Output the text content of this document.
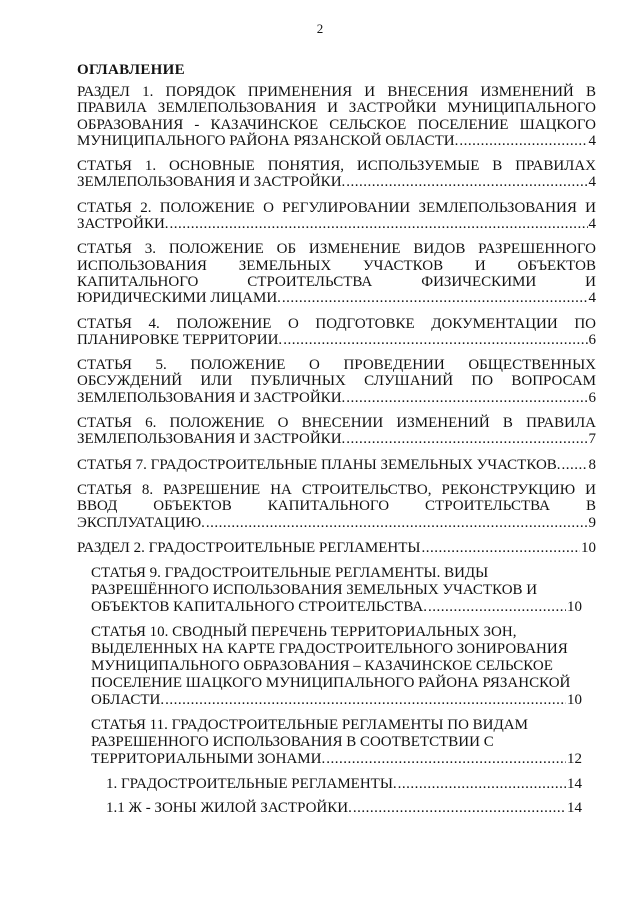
2
ОГЛАВЛЕНИЕ
РАЗДЕЛ 1. ПОРЯДОК ПРИМЕНЕНИЯ И ВНЕСЕНИЯ ИЗМЕНЕНИЙ В
ПРАВИЛА ЗЕМЛЕПОЛЬЗОВАНИЯ И ЗАСТРОЙКИ МУНИЦИПАЛЬНОГО
ОБРАЗОВАНИЯ - КАЗАЧИНСКОЕ СЕЛЬСКОЕ ПОСЕЛЕНИЕ ШАЦКОГО
МУНИЦИПАЛЬНОГО РАЙОНА РЯЗАНСКОЙ ОБЛАСТИ. .....	4
СТАТЬЯ 1. ОСНОВНЫЕ ПОНЯТИЯ, ИСПОЛЬЗУЕМЫЕ В ПРАВИЛАХ
ЗЕМЛЕПОЛЬЗОВАНИЯ И ЗАСТРОЙКИ. .....	4
СТАТЬЯ 2. ПОЛОЖЕНИЕ О РЕГУЛИРОВАНИИ ЗЕМЛЕПОЛЬЗОВАНИЯ И
ЗАСТРОЙКИ. .....	4
СТАТЬЯ 3. ПОЛОЖЕНИЕ ОБ ИЗМЕНЕНИЕ ВИДОВ РАЗРЕШЕННОГО
ИСПОЛЬЗОВАНИЯ ЗЕМЕЛЬНЫХ УЧАСТКОВ И ОБЪЕКТОВ
КАПИТАЛЬНОГО СТРОИТЕЛЬСТВА ФИЗИЧЕСКИМИ И
ЮРИДИЧЕСКИМИ ЛИЦАМИ. .....	4
СТАТЬЯ 4. ПОЛОЖЕНИЕ О ПОДГОТОВКЕ ДОКУМЕНТАЦИИ ПО
ПЛАНИРОВКЕ ТЕРРИТОРИИ. .....	6
СТАТЬЯ 5. ПОЛОЖЕНИЕ О ПРОВЕДЕНИИ ОБЩЕСТВЕННЫХ
ОБСУЖДЕНИЙ ИЛИ ПУБЛИЧНЫХ СЛУШАНИЙ ПО ВОПРОСАМ
ЗЕМЛЕПОЛЬЗОВАНИЯ И ЗАСТРОЙКИ. .....	6
СТАТЬЯ 6. ПОЛОЖЕНИЕ О ВНЕСЕНИИ ИЗМЕНЕНИЙ В ПРАВИЛА
ЗЕМЛЕПОЛЬЗОВАНИЯ И ЗАСТРОЙКИ. .....	7
СТАТЬЯ 7. ГРАДОСТРОИТЕЛЬНЫЕ ПЛАНЫ ЗЕМЕЛЬНЫХ УЧАСТКОВ. ..... 8
СТАТЬЯ 8. РАЗРЕШЕНИЕ НА СТРОИТЕЛЬСТВО, РЕКОНСТРУКЦИЮ И
ВВОД ОБЪЕКТОВ КАПИТАЛЬНОГО СТРОИТЕЛЬСТВА В
ЭКСПЛУАТАЦИЮ. .....	9
РАЗДЕЛ 2. ГРАДОСТРОИТЕЛЬНЫЕ РЕГЛАМЕНТЫ .....	10
СТАТЬЯ 9. ГРАДОСТРОИТЕЛЬНЫЕ РЕГЛАМЕНТЫ. ВИДЫ
РАЗРЕШЁННОГО ИСПОЛЬЗОВАНИЯ ЗЕМЕЛЬНЫХ УЧАСТКОВ И
ОБЪЕКТОВ КАПИТАЛЬНОГО СТРОИТЕЛЬСТВА. .....	10
СТАТЬЯ 10. СВОДНЫЙ ПЕРЕЧЕНЬ ТЕРРИТОРИАЛЬНЫХ ЗОН,
ВЫДЕЛЕННЫХ НА КАРТЕ ГРАДОСТРОИТЕЛЬНОГО ЗОНИРОВАНИЯ
МУНИЦИПАЛЬНОГО ОБРАЗОВАНИЯ – КАЗАЧИНСКОЕ СЕЛЬСКОЕ
ПОСЕЛЕНИЕ ШАЦКОГО МУНИЦИПАЛЬНОГО РАЙОНА РЯЗАНСКОЙ
ОБЛАСТИ. .....	10
СТАТЬЯ 11. ГРАДОСТРОИТЕЛЬНЫЕ РЕГЛАМЕНТЫ ПО ВИДАМ
РАЗРЕШЕННОГО ИСПОЛЬЗОВАНИЯ В СООТВЕТСТВИИ С
ТЕРРИТОРИАЛЬНЫМИ ЗОНАМИ. .....	12
1. ГРАДОСТРОИТЕЛЬНЫЕ РЕГЛАМЕНТЫ. .....	14
1.1 Ж - ЗОНЫ ЖИЛОЙ ЗАСТРОЙКИ. .....	14
